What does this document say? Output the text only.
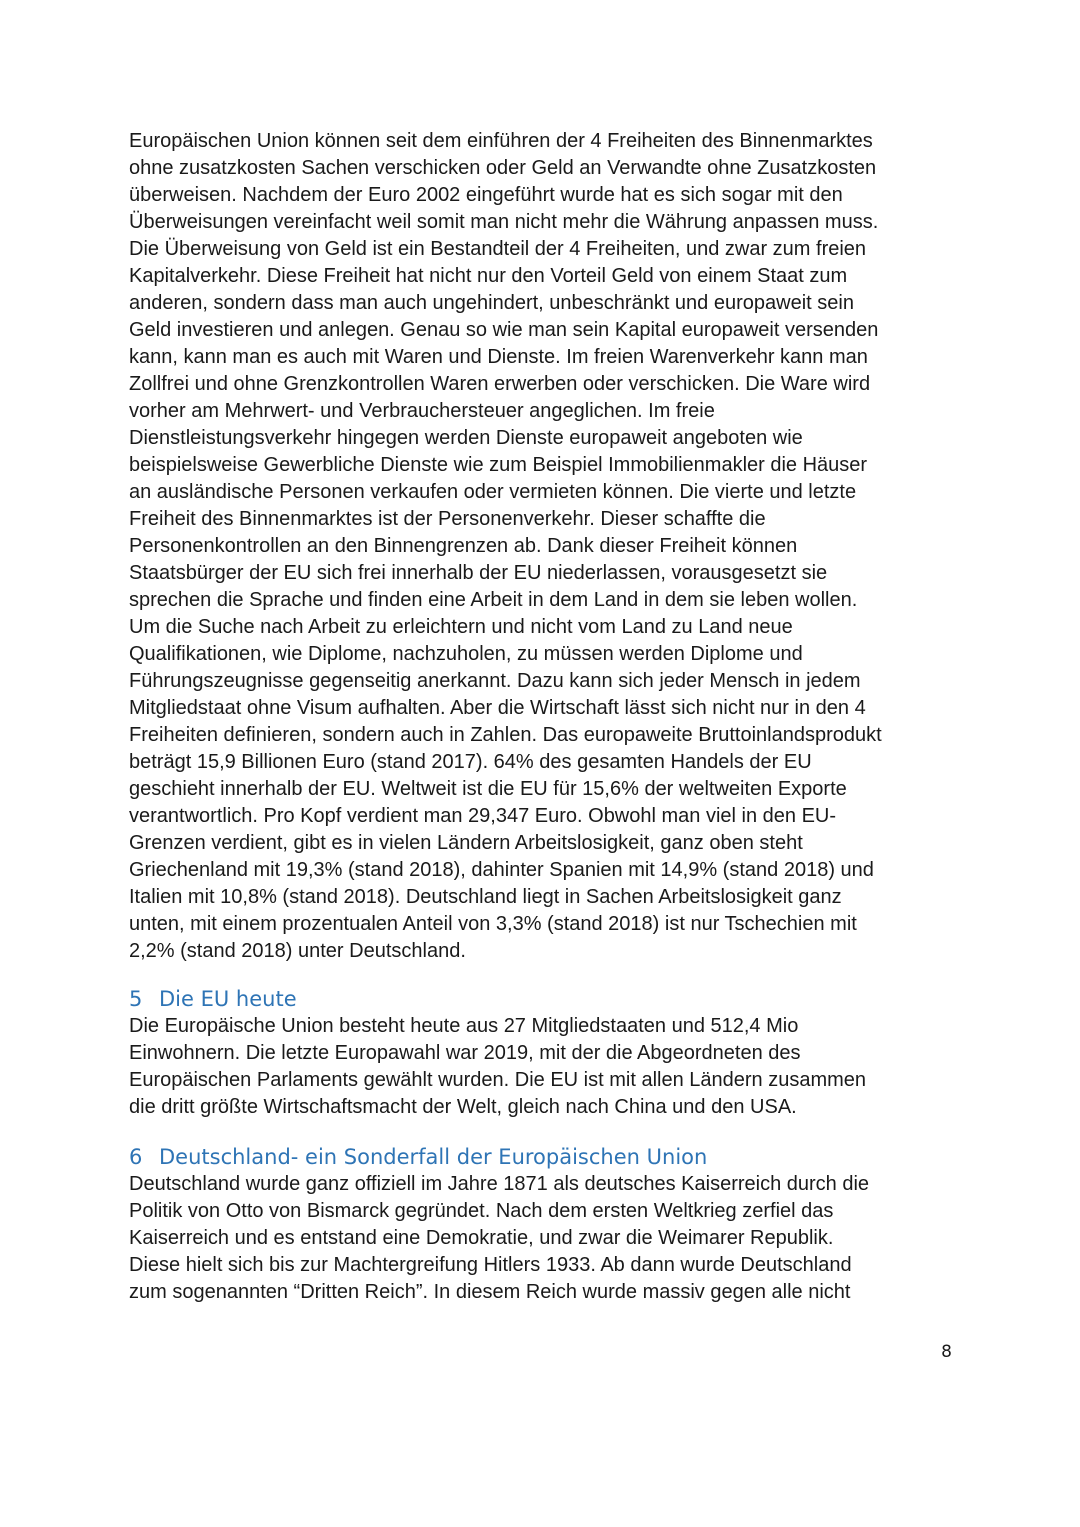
Europäischen Union können seit dem einführen der 4 Freiheiten des Binnenmarktes
ohne zusatzkosten Sachen verschicken oder Geld an Verwandte ohne Zusatzkosten
überweisen. Nachdem der Euro 2002 eingeführt wurde hat es sich sogar mit den
Überweisungen vereinfacht weil somit man nicht mehr die Währung anpassen muss.
Die Überweisung von Geld ist ein Bestandteil der 4 Freiheiten, und zwar zum freien
Kapitalverkehr. Diese Freiheit hat nicht nur den Vorteil Geld von einem Staat zum
anderen, sondern dass man auch ungehindert, unbeschränkt und europaweit sein
Geld investieren und anlegen. Genau so wie man sein Kapital europaweit versenden
kann, kann man es auch mit Waren und Dienste. Im freien Warenverkehr kann man
Zollfrei und ohne Grenzkontrollen Waren erwerben oder verschicken. Die Ware wird
vorher am Mehrwert- und Verbrauchersteuer angeglichen. Im freie
Dienstleistungsverkehr hingegen werden Dienste europaweit angeboten wie
beispielsweise Gewerbliche Dienste wie zum Beispiel Immobilienmakler die Häuser
an ausländische Personen verkaufen oder vermieten können. Die vierte und letzte
Freiheit des Binnenmarktes ist der Personenverkehr. Dieser schaffte die
Personenkontrollen an den Binnengrenzen ab. Dank dieser Freiheit können
Staatsbürger der EU sich frei innerhalb der EU niederlassen, vorausgesetzt sie
sprechen die Sprache und finden eine Arbeit in dem Land in dem sie leben wollen.
Um die Suche nach Arbeit zu erleichtern und nicht vom Land zu Land neue
Qualifikationen, wie Diplome, nachzuholen, zu müssen werden Diplome und
Führungszeugnisse gegenseitig anerkannt. Dazu kann sich jeder Mensch in jedem
Mitgliedstaat ohne Visum aufhalten. Aber die Wirtschaft lässt sich nicht nur in den 4
Freiheiten definieren, sondern auch in Zahlen. Das europaweite Bruttoinlandsprodukt
beträgt 15,9 Billionen Euro (stand 2017). 64% des gesamten Handels der EU
geschieht innerhalb der EU. Weltweit ist die EU für 15,6% der weltweiten Exporte
verantwortlich. Pro Kopf verdient man 29,347 Euro. Obwohl man viel in den EU-
Grenzen verdient, gibt es in vielen Ländern Arbeitslosigkeit, ganz oben steht
Griechenland mit 19,3% (stand 2018), dahinter Spanien mit 14,9% (stand 2018) und
Italien mit 10,8% (stand 2018). Deutschland liegt in Sachen Arbeitslosigkeit ganz
unten, mit einem prozentualen Anteil von 3,3% (stand 2018) ist nur Tschechien mit
2,2% (stand 2018) unter Deutschland.

5 Die EU heute

Die Europäische Union besteht heute aus 27 Mitgliedstaaten und 512,4 Mio
Einwohnern. Die letzte Europawahl war 2019, mit der die Abgeordneten des
Europäischen Parlaments gewählt wurden. Die EU ist mit allen Ländern zusammen
die dritt größte Wirtschaftsmacht der Welt, gleich nach China und den USA.

6 Deutschland- ein Sonderfall der Europäischen Union

Deutschland wurde ganz offiziell im Jahre 1871 als deutsches Kaiserreich durch die
Politik von Otto von Bismarck gegründet. Nach dem ersten Weltkrieg zerfiel das
Kaiserreich und es entstand eine Demokratie, und zwar die Weimarer Republik.
Diese hielt sich bis zur Machtergreifung Hitlers 1933. Ab dann wurde Deutschland
zum sogenannten “Dritten Reich”. In diesem Reich wurde massiv gegen alle nicht

8
